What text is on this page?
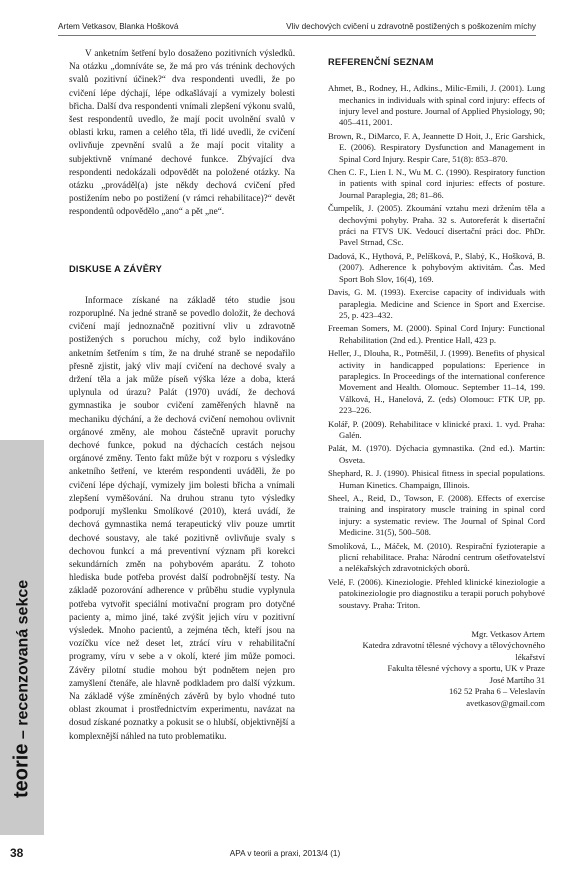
Artem Vetkasov, Blanka Hošková	Vliv dechových cvičení u zdravotně postižených s poškozením míchy

V anketním šetření bylo dosaženo pozitivních výsledků. Na otázku „domníváte se, že má pro vás trénink dechových svalů pozitivní účinek?“ dva respondenti uvedli, že po cvičení lépe dýchají, lépe odkašlávají a vymizely bolesti břicha. Další dva respondenti vnímali zlepšení výkonu svalů, šest respondentů uvedlo, že mají pocit uvolnění svalů v oblasti krku, ramen a celého těla, tři lidé uvedli, že cvičení ovlivňuje zpevnění svalů a že mají pocit vitality a subjektivně vnímané dechové funkce. Zbývající dva respondenti nedokázali odpovědět na položené otázky. Na otázku „prováděl(a) jste někdy dechová cvičení před postižením nebo po postižení (v rámci rehabilitace)?“ devět respondentů odpovědělo „ano“ a pět „ne“.

DISKUSE A ZÁVĚRY

Informace získané na základě této studie jsou rozporuplné. Na jedné straně se povedlo doložit, že dechová cvičení mají jednoznačně pozitivní vliv u zdravotně postižených s poruchou míchy, což bylo indikováno anketním šetřením s tím, že na druhé straně se nepodařilo přesně zjistit, jaký vliv mají cvičení na dechové svaly a držení těla a jak může píseň výška léze a doba, která uplynula od úrazu? Palát (1970) uvádí, že dechová gymnastika je soubor cvičení zaměřených hlavně na mechaniku dýchání, a že dechová cvičení nemohou ovlivnit orgánové změny, ale mohou částečně upravit poruchy dechové funkce, pokud na dýchacích cestách nejsou orgánové změny. Tento fakt může být v rozporu s výsledky anketního šetření, ve kterém respondenti uváděli, že po cvičení lépe dýchají, vymizely jim bolesti břicha a vnímali zlepšení vyměšování. Na druhou stranu tyto výsledky podporují myšlenku Smolíkové (2010), která uvádí, že dechová gymnastika nemá terapeutický vliv pouze umrtit dechové soustavy, ale také pozitivně ovlivňuje svaly s dechovou funkcí a má preventivní význam při korekci sekundárních změn na pohybovém aparátu. Z tohoto hlediska bude potřeba provést další podrobnější testy. Na základě pozorování adherence v průběhu studie vyplynula potřeba vytvořit speciální motivační program pro dotyčné pacienty a, mimo jiné, také zvýšit jejich víru v pozitivní výsledek. Mnoho pacientů, a zejména těch, kteří jsou na vozíčku více než deset let, ztrácí víru v rehabilitační programy, víru v sebe a v okolí, které jim může pomoci. Závěry pilotní studie mohou být podnětem nejen pro zamyšlení čtenáře, ale hlavně podkladem pro další výzkum. Na základě výše zmíněných závěrů by bylo vhodné tuto oblast zkoumat i prostřednictvím experimentu, navázat na dosud získané poznatky a pokusit se o hlubší, objektivnější a komplexnější náhled na tuto problematiku.

REFERENČNÍ SEZNAM

Ahmet, B., Rodney, H., Adkins., Milic-Emili, J. (2001). Lung mechanics in individuals with spinal cord injury: effects of injury level and posture. Journal of Applied Physiology, 90; 405–411, 2001.

Brown, R., DiMarco, F. A, Jeannette D Hoit, J., Eric Garshick, E. (2006). Respiratory Dysfunction and Management in Spinal Cord Injury. Respir Care, 51(8): 853–870.

Chen C. F., Lien I. N., Wu M. C. (1990). Respiratory function in patients with spinal cord injuries: effects of posture. Journal Paraplegia, 28; 81–86.

Čumpelík, J. (2005). Zkoumání vztahu mezi držením těla a dechovými pohyby. Praha. 32 s. Autoreferát k disertační práci na FTVS UK. Vedoucí disertační práci doc. PhDr. Pavel Strnad, CSc.

Dadová, K., Hythová, P., Pelíšková, P., Slabý, K., Hošková, B. (2007). Adherence k pohybovým aktivitám. Čas. Med Sport Boh Slov, 16(4), 169.

Davis, G. M. (1993). Exercise capacity of individuals with paraplegia. Medicine and Science in Sport and Exercise. 25, p. 423–432.

Freeman Somers, M. (2000). Spinal Cord Injury: Functional Rehabilitation (2nd ed.). Prentice Hall, 423 p.

Heller, J., Dlouha, R., Potměšil, J. (1999). Benefits of physical activity in handicapped populations: Eperience in paraplegics. In Proceedings of the international conference Movement and Health. Olomouc. September 11–14, 199. Válková, H., Hanelová, Z. (eds) Olomouc: FTK UP, pp. 223–226.

Kolář, P. (2009). Rehabilitace v klinické praxi. 1. vyd. Praha: Galén.

Palát, M. (1970). Dýchacia gymnastika. (2nd ed.). Martin: Osveta.

Shephard, R. J. (1990). Phisical fitness in special populations. Human Kinetics. Champaign, Illinois.

Sheel, A., Reid, D., Towson, F. (2008). Effects of exercise training and inspiratory muscle training in spinal cord injury: a systematic review. The Journal of Spinal Cord Medicine. 31(5), 500–508.

Smolíková, L., Máček, M. (2010). Respirační fyzioterapie a plicní rehabilitace. Praha: Národní centrum ošetřovatelství a nelékařských zdravotnických oborů.

Velé, F. (2006). Kineziologie. Přehled klinické kineziologie a patokineziologie pro diagnostiku a terapii poruch pohybové soustavy. Praha: Triton.

Mgr. Vetkasov Artem
Katedra zdravotní tělesné výchovy a tělovýchovného
lékařství
Fakulta tělesné výchovy a sportu, UK v Praze
José Martího 31
162 52 Praha 6 – Veleslavín
avetkasov@gmail.com
teorie – recenzovaná sekce
38	APA v teorii a praxi, 2013/4 (1)
